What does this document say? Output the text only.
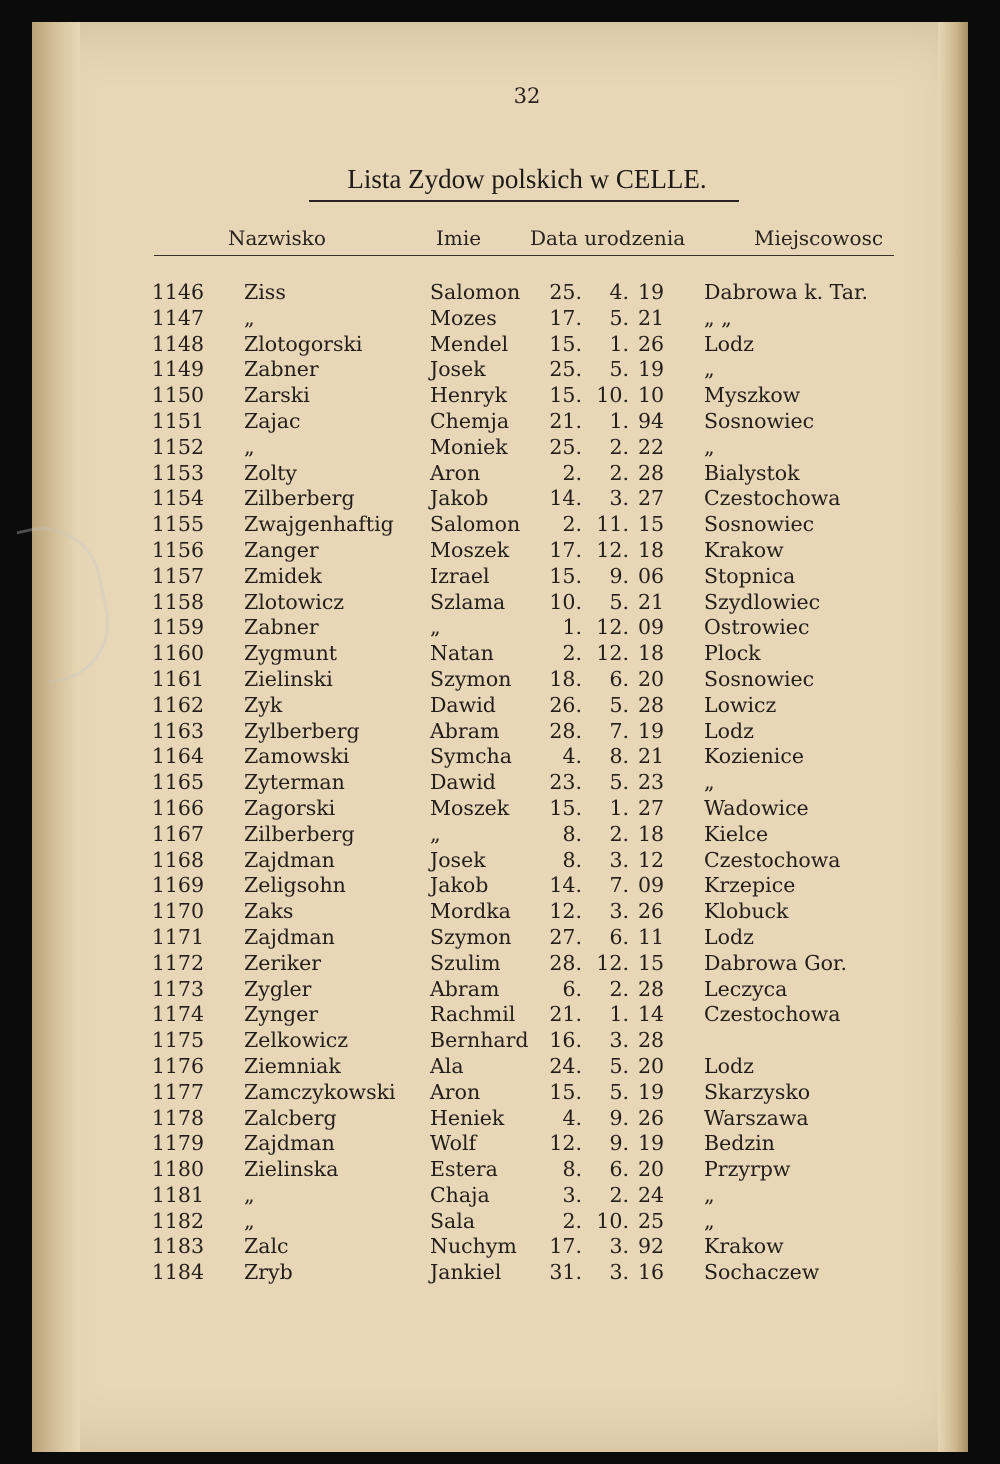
32
Lista Zydow polskich w CELLE.
Nazwisko	Imie Data urodzenia	Miejscowosc
1146 Ziss	Salomon	25.	4. 19 Dabrowa k. Tar.
1147 „	Mozes	17.	5. 21 „ „
1148 Zlotogorski	Mendel	15.	1. 26 Lodz
1149 Zabner	Josek	25.	5. 19 „
1150 Zarski	Henryk	15. 10. 10 Myszkow
1151 Zajac	Chemja	21.	1. 94 Sosnowiec
1152 „	Moniek	25.	2. 22 „
1153 Zolty	Aron	2.	2. 28 Bialystok
1154 Zilberberg	Jakob	14.	3. 27 Czestochowa
1155 Zwajgenhaftig Salomon	2. 11. 15 Sosnowiec
1156 Zanger	Moszek	17. 12. 18 Krakow
1157 Zmidek	Izrael	15.	9. 06 Stopnica
1158 Zlotowicz	Szlama	10.	5. 21 Szydlowiec
1159 Zabner	„	1. 12. 09 Ostrowiec
1160 Zygmunt	Natan	2. 12. 18 Plock
1161 Zielinski	Szymon	18.	6. 20 Sosnowiec
1162 Zyk	Dawid	26.	5. 28 Lowicz
1163 Zylberberg	Abram	28.	7. 19 Lodz
1164 Zamowski	Symcha	4.	8. 21 Kozienice
1165 Zyterman	Dawid	23.	5. 23 „
1166 Zagorski	Moszek	15.	1. 27 Wadowice
1167 Zilberberg	„	8.	2. 18 Kielce
1168 Zajdman	Josek	8.	3. 12 Czestochowa
1169 Zeligsohn	Jakob	14.	7. 09 Krzepice
1170 Zaks	Mordka	12.	3. 26 Klobuck
1171 Zajdman	Szymon	27.	6. 11 Lodz
1172 Zeriker	Szulim	28. 12. 15 Dabrowa Gor.
1173 Zygler	Abram	6.	2. 28 Leczyca
1174 Zynger	Rachmil	21.	1. 14 Czestochowa
1175 Zelkowicz	Bernhard	16.	3. 28
1176 Ziemniak	Ala	24.	5. 20 Lodz
1177 Zamczykowski Aron	15.	5. 19 Skarzysko
1178 Zalcberg	Heniek	4.	9. 26 Warszawa
1179 Zajdman	Wolf	12.	9. 19 Bedzin
1180 Zielinska	Estera	8.	6. 20 Przyrpw
1181 „	Chaja	3.	2. 24 „
1182 „	Sala	2. 10. 25 „
1183 Zalc	Nuchym	17.	3. 92 Krakow
1184 Zryb	Jankiel	31.	3. 16 Sochaczew
